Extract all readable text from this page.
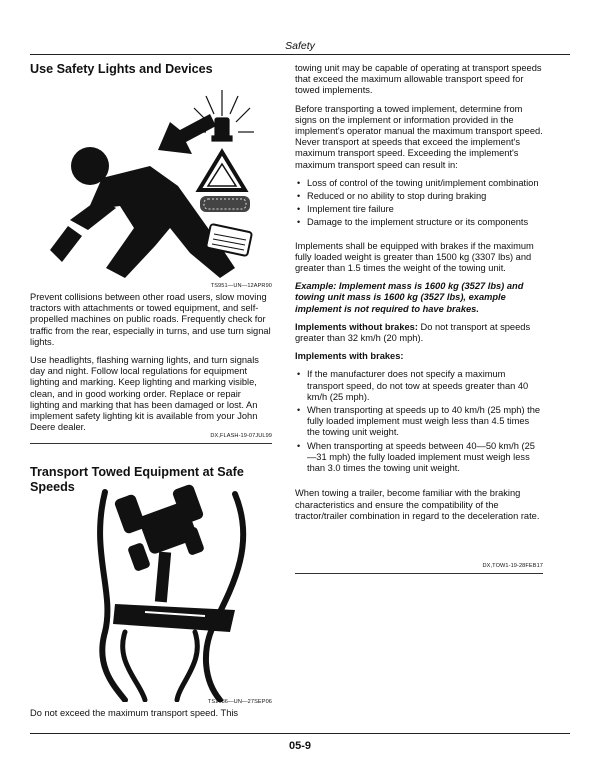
Safety
Use Safety Lights and Devices
TS951—UN—12APR90

Prevent collisions between other road users, slow moving tractors with attachments or towed equipment, and self-propelled machines on public roads. Frequently check for traffic from the rear, especially in turns, and use turn signal lights.

Use headlights, flashing warning lights, and turn signals day and night. Follow local regulations for equipment lighting and marking. Keep lighting and marking visible, clean, and in good working order. Replace or repair lighting and marking that has been damaged or lost. An implement safety lighting kit is available from your John Deere dealer.

DX,FLASH-19-07JUL99
Transport Towed Equipment at Safe Speeds
TS1686—UN—27SEP06

Do not exceed the maximum transport speed. This

towing unit may be capable of operating at transport speeds that exceed the maximum allowable transport speed for towed implements.

Before transporting a towed implement, determine from signs on the implement or information provided in the implement's operator manual the maximum transport speed. Never transport at speeds that exceed the implement's maximum transport speed. Exceeding the implement's maximum transport speed can result in:

• Loss of control of the towing unit/implement combination
• Reduced or no ability to stop during braking
• Implement tire failure
• Damage to the implement structure or its components

Implements shall be equipped with brakes if the maximum fully loaded weight is greater than 1500 kg (3307 lbs) and greater than 1.5 times the weight of the towing unit.

Example: Implement mass is 1600 kg (3527 lbs) and towing unit mass is 1600 kg (3527 lbs), example implement is not required to have brakes.

Implements without brakes: Do not transport at speeds greater than 32 km/h (20 mph).

Implements with brakes:

• If the manufacturer does not specify a maximum transport speed, do not tow at speeds greater than 40 km/h (25 mph).
• When transporting at speeds up to 40 km/h (25 mph) the fully loaded implement must weigh less than 4.5 times the towing unit weight.
• When transporting at speeds between 40—50 km/h (25—31 mph) the fully loaded implement must weigh less than 3.0 times the towing unit weight.

When towing a trailer, become familiar with the braking characteristics and ensure the compatibility of the tractor/trailer combination in regard to the deceleration rate.

DX,TOW1-19-28FEB17
05-9
